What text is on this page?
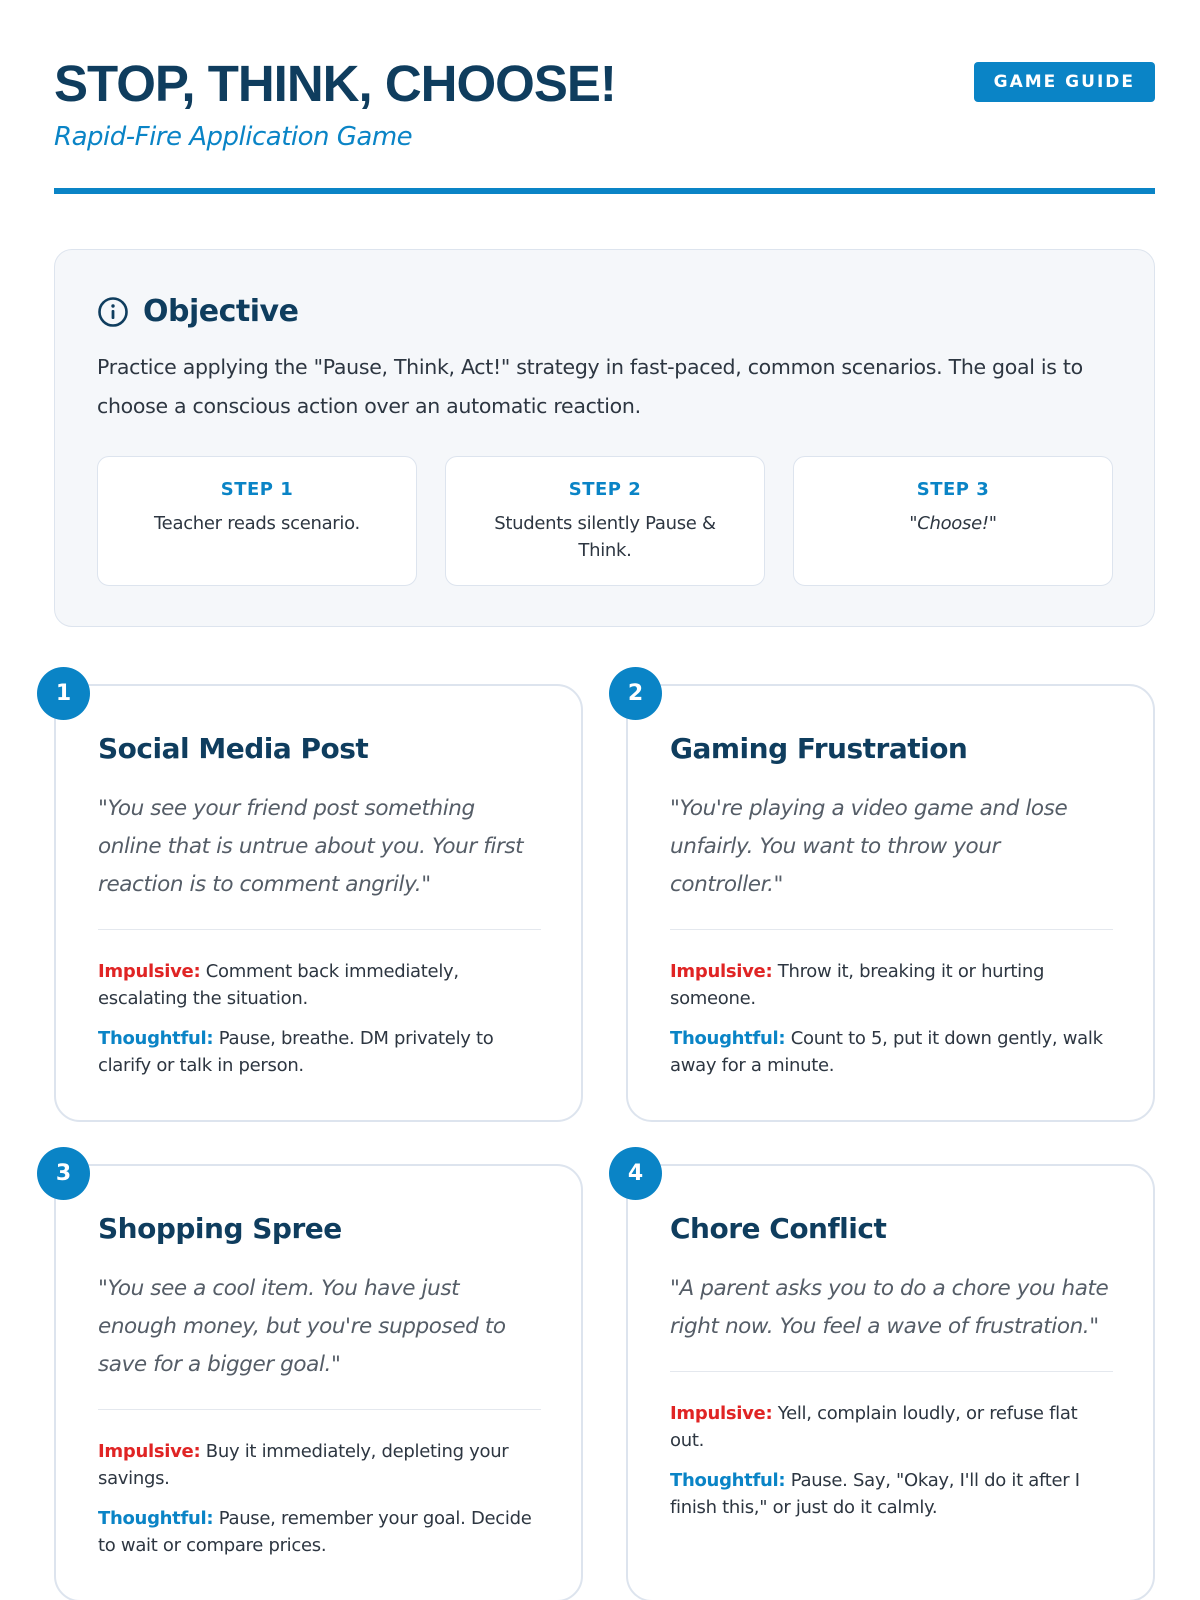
STOP, THINK, CHOOSE!
Rapid-Fire Application Game
GAME GUIDE
Objective
Practice applying the "Pause, Think, Act!" strategy in fast-paced, common scenarios. The goal is to choose a conscious action over an automatic reaction.
STEP 1
Teacher reads scenario.
STEP 2
Students silently Pause & Think.
STEP 3
"Choose!"
1
Social Media Post
"You see your friend post something online that is untrue about you. Your first reaction is to comment angrily."
Impulsive: Comment back immediately, escalating the situation.
Thoughtful: Pause, breathe. DM privately to clarify or talk in person.
2
Gaming Frustration
"You're playing a video game and lose unfairly. You want to throw your controller."
Impulsive: Throw it, breaking it or hurting someone.
Thoughtful: Count to 5, put it down gently, walk away for a minute.
3
Shopping Spree
"You see a cool item. You have just enough money, but you're supposed to save for a bigger goal."
Impulsive: Buy it immediately, depleting your savings.
Thoughtful: Pause, remember your goal. Decide to wait or compare prices.
4
Chore Conflict
"A parent asks you to do a chore you hate right now. You feel a wave of frustration."
Impulsive: Yell, complain loudly, or refuse flat out.
Thoughtful: Pause. Say, "Okay, I'll do it after I finish this," or just do it calmly.
